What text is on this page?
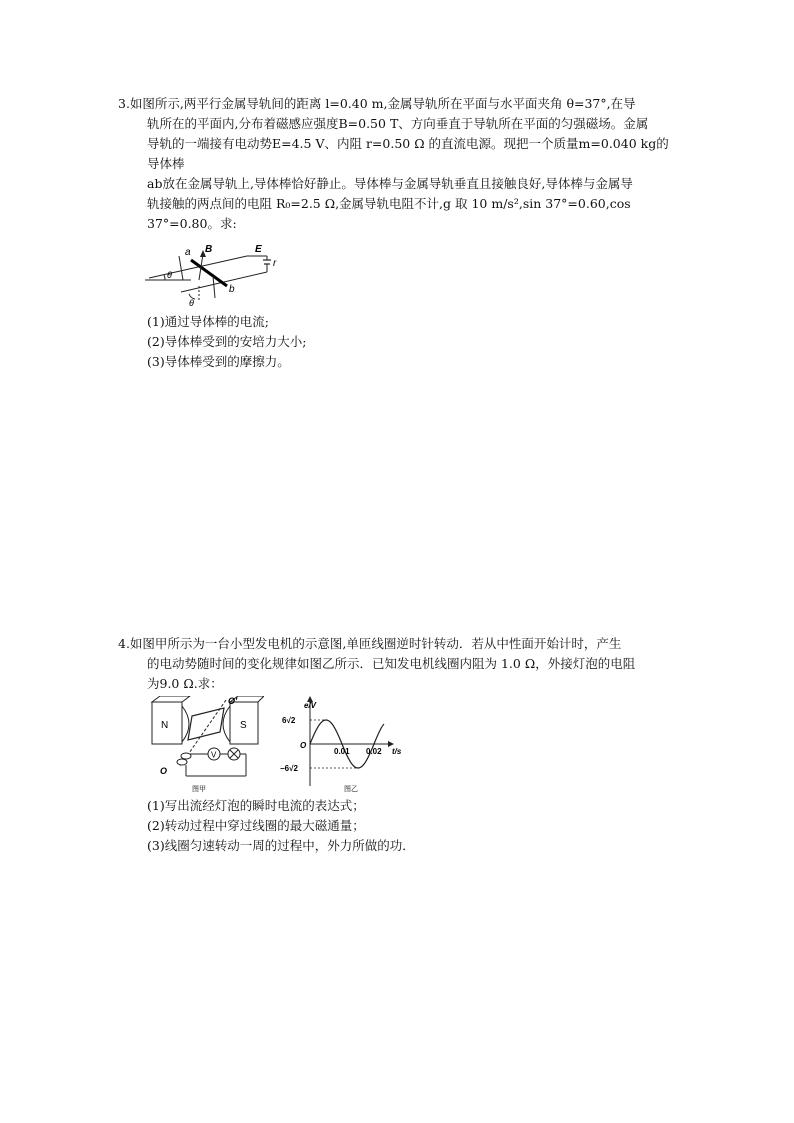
3.如图所示,两平行金属导轨间的距离 l=0.40 m,金属导轨所在平面与水平面夹角 θ=37°,在导

轨所在的平面内,分布着磁感应强度B=0.50 T、方向垂直于导轨所在平面的匀强磁场。金属

导轨的一端接有电动势E=4.5 V、内阻 r=0.50 Ω 的直流电源。现把一个质量m=0.040 kg的

导体棒

ab放在金属导轨上,导体棒恰好静止。导体棒与金属导轨垂直且接触良好,导体棒与金属导

轨接触的两点间的电阻 R₀=2.5 Ω,金属导轨电阻不计,g 取 10 m/s²,sin 37°=0.60,cos

37°=0.80。求:

a B	E
r
b
θ
θ

(1)通过导体棒的电流;

(2)导体棒受到的安培力大小;

(3)导体棒受到的摩擦力。

4.如图甲所示为一台小型发电机的示意图,单匝线圈逆时针转动．若从中性面开始计时，产生

的电动势随时间的变化规律如图乙所示．已知发电机线圈内阻为 1.0 Ω，外接灯泡的电阻

为9.0 Ω.求：

V
N	S
O′
O
图甲
e/V
t/s
O
6√2
−6√2
0.01 0.02
图乙

(1)写出流经灯泡的瞬时电流的表达式；

(2)转动过程中穿过线圈的最大磁通量；

(3)线圈匀速转动一周的过程中，外力所做的功．
